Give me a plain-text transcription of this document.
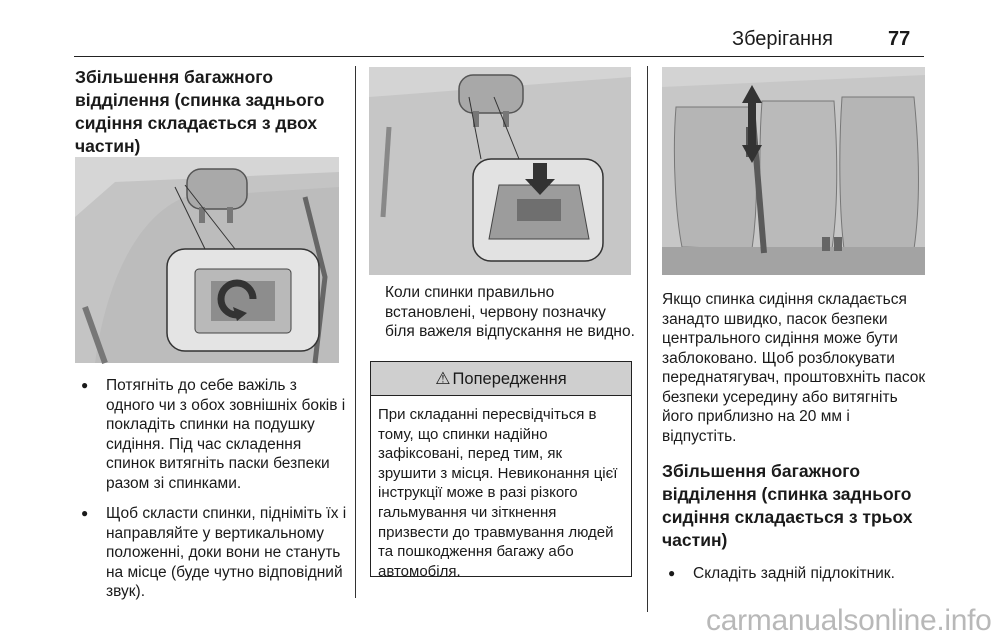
Зберігання	77
Збільшення багажного відділення (спинка заднього сидіння складається з двох частин)
● Потягніть до себе важіль з одного чи з обох зовнішніх боків і покладіть спинки на подушку сидіння. Під час складення спинок витягніть паски безпеки разом зі спинками.
● Щоб скласти спинки, підніміть їх і направляйте у вертикальному положенні, доки вони не стануть на місце (буде чутно відповідний звук).

Коли спинки правильно встановлені, червону позначку біля важеля відпускання не видно.

⚠ Попередження
При складанні пересвідчіться в тому, що спинки надійно зафіксовані, перед тим, як зрушити з місця. Невиконання цієї інструкції може в разі різкого гальмування чи зіткнення призвести до травмування людей та пошкодження багажу або автомобіля.

Якщо спинка сидіння складається занадто швидко, пасок безпеки центрального сидіння може бути заблоковано. Щоб розблокувати переднатягувач, проштовхніть пасок безпеки усередину або витягніть його приблизно на 20 мм і відпустіть.

Збільшення багажного відділення (спинка заднього сидіння складається з трьох частин)
● Складіть задній підлокітник.
carmanualsonline.info
